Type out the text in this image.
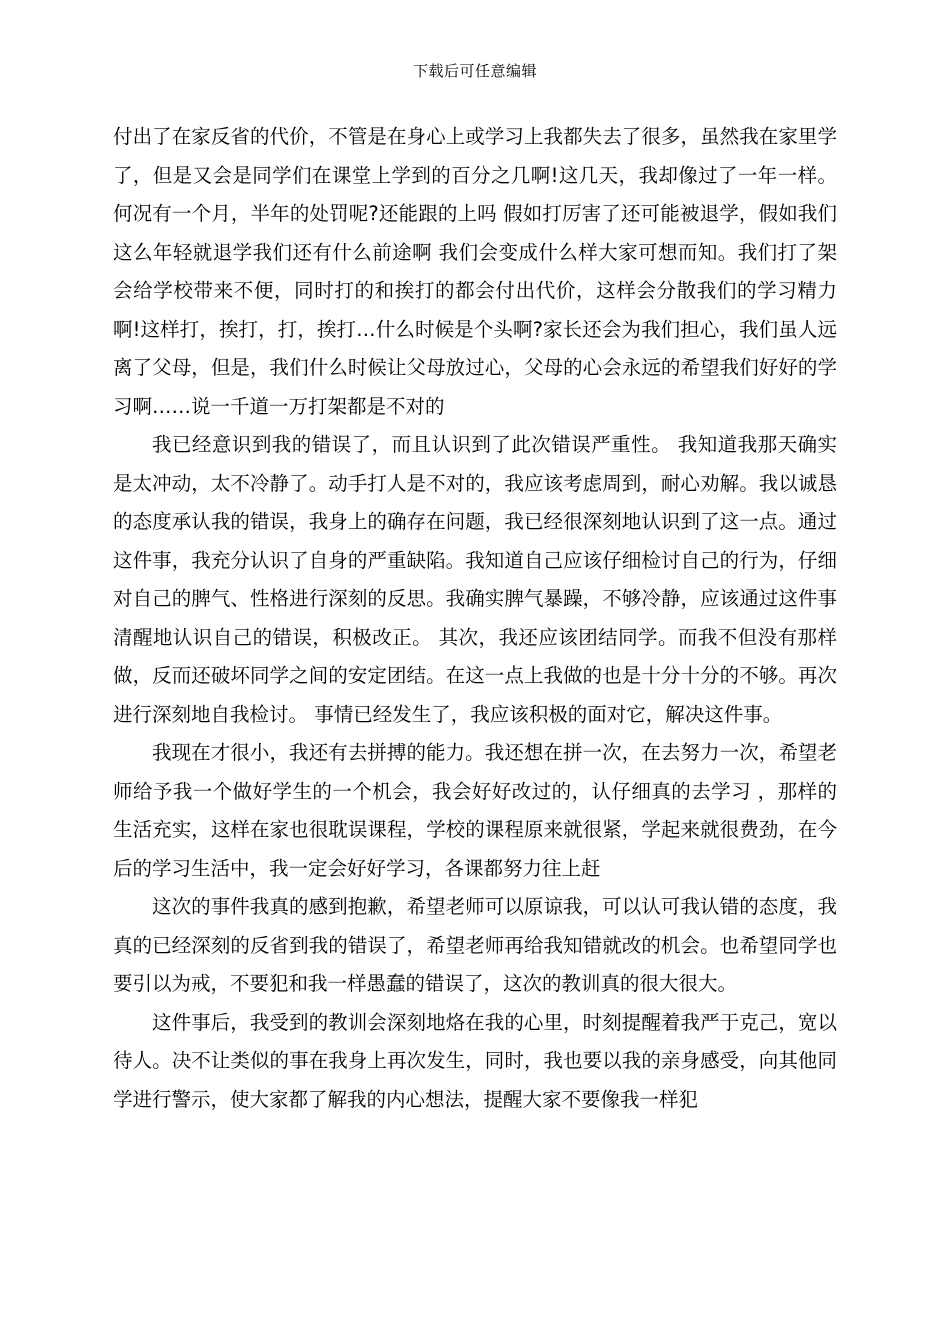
下载后可任意编辑

付出了在家反省的代价，不管是在身心上或学习上我都失去了很多，虽然我在家里学了，但是又会是同学们在课堂上学到的百分之几啊!这几天，我却像过了一年一样。何况有一个月，半年的处罚呢?还能跟的上吗 假如打厉害了还可能被退学，假如我们这么年轻就退学我们还有什么前途啊 我们会变成什么样大家可想而知。我们打了架会给学校带来不便，同时打的和挨打的都会付出代价，这样会分散我们的学习精力啊!这样打，挨打，打，挨打…什么时候是个头啊?家长还会为我们担心，我们虽人远离了父母，但是，我们什么时候让父母放过心，父母的心会永远的希望我们好好的学习啊……说一千道一万打架都是不对的

我已经意识到我的错误了，而且认识到了此次错误严重性。 我知道我那天确实是太冲动，太不冷静了。动手打人是不对的，我应该考虑周到，耐心劝解。我以诚恳的态度承认我的错误，我身上的确存在问题，我已经很深刻地认识到了这一点。通过这件事，我充分认识了自身的严重缺陷。我知道自己应该仔细检讨自己的行为，仔细对自己的脾气、性格进行深刻的反思。我确实脾气暴躁，不够冷静，应该通过这件事清醒地认识自己的错误，积极改正。 其次，我还应该团结同学。而我不但没有那样做，反而还破坏同学之间的安定团结。在这一点上我做的也是十分十分的不够。再次进行深刻地自我检讨。 事情已经发生了，我应该积极的面对它，解决这件事。

我现在才很小，我还有去拼搏的能力。我还想在拼一次，在去努力一次，希望老师给予我一个做好学生的一个机会，我会好好改过的，认仔细真的去学习 ，那样的生活充实，这样在家也很耽误课程，学校的课程原来就很紧，学起来就很费劲，在今后的学习生活中，我一定会好好学习，各课都努力往上赶

这次的事件我真的感到抱歉，希望老师可以原谅我，可以认可我认错的态度，我真的已经深刻的反省到我的错误了，希望老师再给我知错就改的机会。也希望同学也要引以为戒，不要犯和我一样愚蠢的错误了，这次的教训真的很大很大。

这件事后，我受到的教训会深刻地烙在我的心里，时刻提醒着我严于克己，宽以待人。决不让类似的事在我身上再次发生，同时，我也要以我的亲身感受，向其他同学进行警示，使大家都了解我的内心想法，提醒大家不要像我一样犯
